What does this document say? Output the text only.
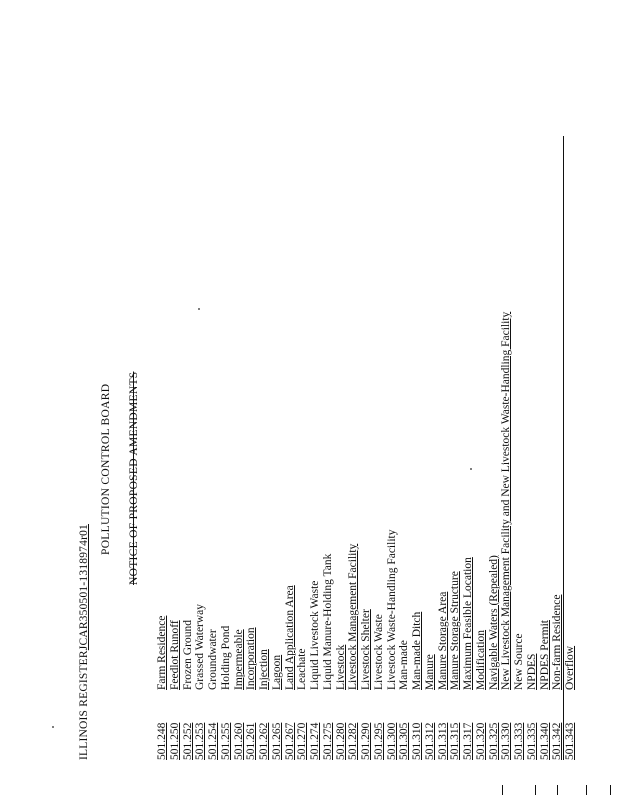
ILLINOIS REGISTERJCAR350501-1318974r01
POLLUTION CONTROL BOARD NOTICE OF PROPOSED AMENDMENTS
501.248
Farm Residence
501.250
Feedlot Runoff
501.252
Frozen Ground
501.253
Grassed Waterway
501.254
Groundwater
501.255
Holding Pond
501.260
Impermeable
501.261
Incorporation
501.262
Injection
501.265
Lagoon
501.267
Land Application Area
501.270
Leachate
501.274
Liquid Livestock Waste
501.275
Liquid Manure-Holding Tank
501.280
Livestock
501.282
Livestock Management Facility
501.290
Livestock Shelter
501.295
Livestock Waste
501.300
Livestock Waste-Handling Facility
501.305
Man-made
501.310
Man-made Ditch
501.312
Manure
501.313
Manure Storage Area
501.315
Manure Storage Structure
501.317
Maximum Feasible Location
501.320
Modification
501.325
Navigable Waters (Repealed)
501.330
New Livestock Management Facility and New Livestock Waste-Handling Facility
501.333
New Source
501.335
NPDES
501.340
NPDES Permit
501.342
Non-farm Residence
501.343
Overflow
